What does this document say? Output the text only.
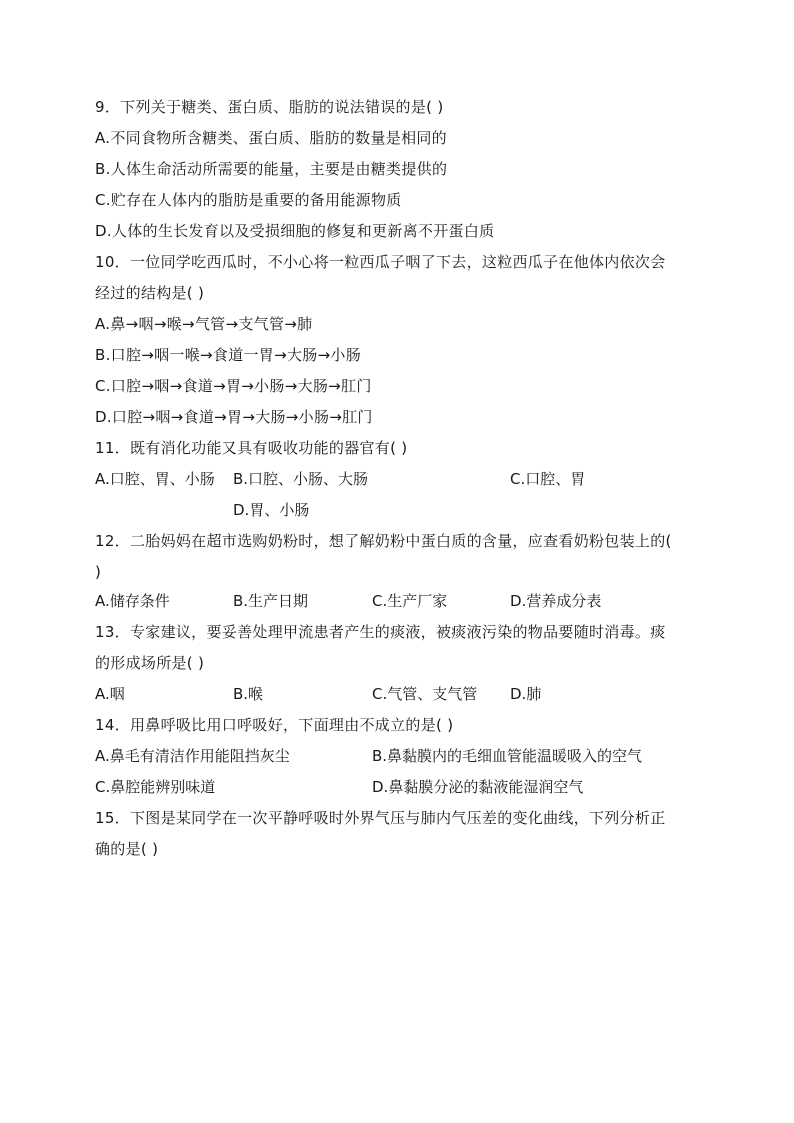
9．下列关于糖类、蛋白质、脂肪的说法错误的是( )
A.不同食物所含糖类、蛋白质、脂肪的数量是相同的
B.人体生命活动所需要的能量，主要是由糖类提供的
C.贮存在人体内的脂肪是重要的备用能源物质
D.人体的生长发育以及受损细胞的修复和更新离不开蛋白质
10．一位同学吃西瓜时，不小心将一粒西瓜子咽了下去，这粒西瓜子在他体内依次会
经过的结构是( )
A.鼻→咽→喉→气管→支气管→肺
B.口腔→咽一喉→食道一胃→大肠→小肠
C.口腔→咽→食道→胃→小肠→大肠→肛门
D.口腔→咽→食道→胃→大肠→小肠→肛门
11．既有消化功能又具有吸收功能的器官有( )
A.口腔、胃、小肠 B.口腔、小肠、大肠	C.口腔、胃
D.胃、小肠
12．二胎妈妈在超市选购奶粉时，想了解奶粉中蛋白质的含量，应查看奶粉包装上的(
)
A.储存条件	B.生产日期	C.生产厂家	D.营养成分表
13．专家建议，要妥善处理甲流患者产生的痰液，被痰液污染的物品要随时消毒。痰
的形成场所是( )
A.咽	B.喉	C.气管、支气管 D.肺
14．用鼻呼吸比用口呼吸好，下面理由不成立的是( )
A.鼻毛有清洁作用能阻挡灰尘	B.鼻黏膜内的毛细血管能温暖吸入的空气
C.鼻腔能辨别味道	D.鼻黏膜分泌的黏液能湿润空气
15．下图是某同学在一次平静呼吸时外界气压与肺内气压差的变化曲线，下列分析正
确的是( )
